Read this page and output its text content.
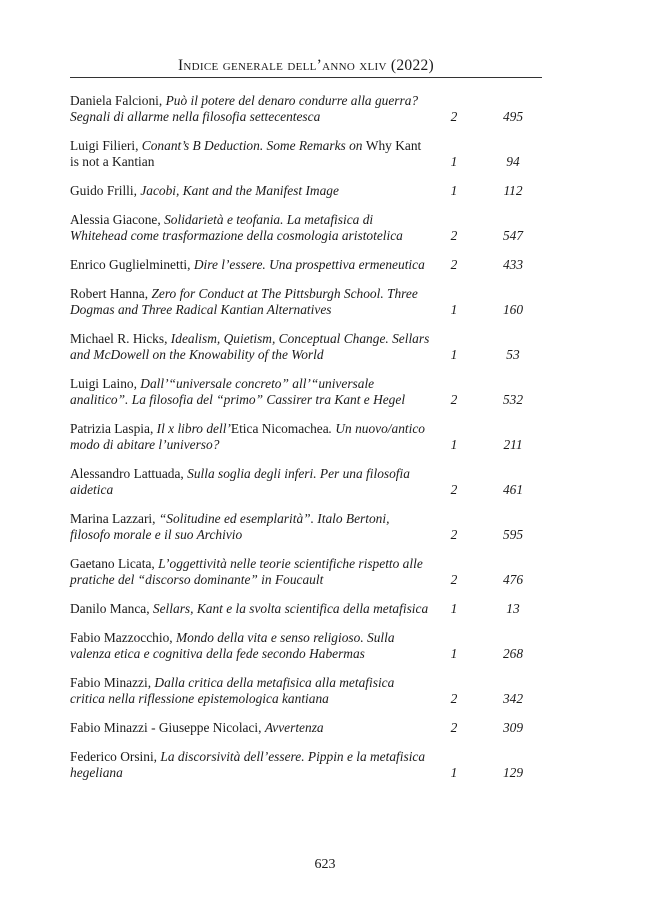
Indice generale dell’anno xliv (2022)
Daniela Falcioni, Può il potere del denaro condurre alla guerra? Segnali di allarme nella filosofia settecentesca	2	495
Luigi Filieri, Conant’s B Deduction. Some Remarks on Why Kant is not a Kantian	1	94
Guido Frilli, Jacobi, Kant and the Manifest Image	1	112
Alessia Giacone, Solidarietà e teofania. La metafisica di Whitehead come trasformazione della cosmologia aristotelica	2	547
Enrico Guglielminetti, Dire l’essere. Una prospettiva ermeneutica	2	433
Robert Hanna, Zero for Conduct at The Pittsburgh School. Three Dogmas and Three Radical Kantian Alternatives	1	160
Michael R. Hicks, Idealism, Quietism, Conceptual Change. Sellars and McDowell on the Knowability of the World	1	53
Luigi Laino, Dall’“universale concreto” all’“universale analitico”. La filosofia del “primo” Cassirer tra Kant e Hegel	2	532
Patrizia Laspia, Il x libro dell’Etica Nicomachea. Un nuovo/antico modo di abitare l’universo?	1	211
Alessandro Lattuada, Sulla soglia degli inferi. Per una filosofia aidetica	2	461
Marina Lazzari, “Solitudine ed esemplarità”. Italo Bertoni, filosofo morale e il suo Archivio	2	595
Gaetano Licata, L’oggettività nelle teorie scientifiche rispetto alle pratiche del “discorso dominante” in Foucault	2	476
Danilo Manca, Sellars, Kant e la svolta scientifica della metafisica	1	13
Fabio Mazzocchio, Mondo della vita e senso religioso. Sulla valenza etica e cognitiva della fede secondo Habermas	1	268
Fabio Minazzi, Dalla critica della metafisica alla metafisica critica nella riflessione epistemologica kantiana	2	342
Fabio Minazzi - Giuseppe Nicolaci, Avvertenza	2	309
Federico Orsini, La discorsività dell’essere. Pippin e la metafisica hegeliana	1	129
623
